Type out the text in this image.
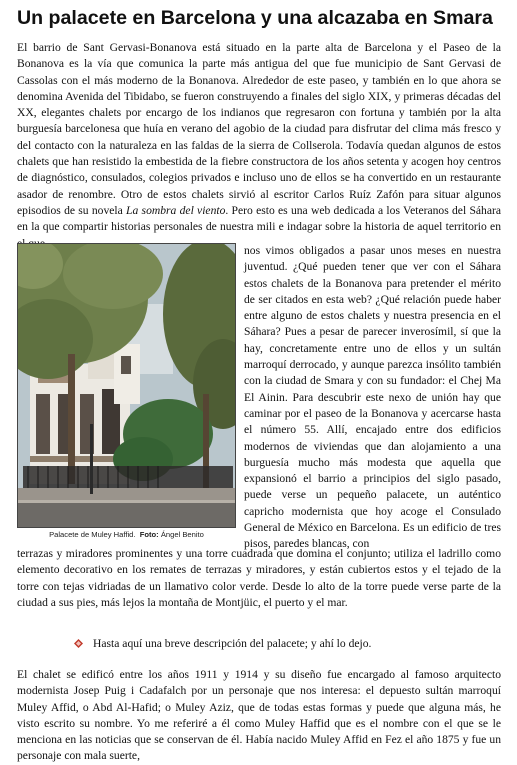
Un palacete en Barcelona y una alcazaba en Smara
El barrio de Sant Gervasi-Bonanova está situado en la parte alta de Barcelona y el Paseo de la Bonanova es la vía que comunica la parte más antigua del que fue municipio de Sant Gervasi de Cassolas con el más moderno de la Bonanova. Alrededor de este paseo, y también en lo que ahora se denomina Avenida del Tibidabo, se fueron construyendo a finales del siglo XIX, y primeras décadas del XX, elegantes chalets por encargo de los indianos que regresaron con fortuna y también por la alta burguesía barcelonesa que huía en verano del agobio de la ciudad para disfrutar del clima más fresco y del contacto con la naturaleza en las faldas de la sierra de Collserola. Todavía quedan algunos de estos chalets que han resistido la embestida de la fiebre constructora de los años setenta y acogen hoy centros de diagnóstico, consulados, colegios privados e incluso uno de ellos se ha convertido en un restaurante asador de renombre. Otro de estos chalets sirvió al escritor Carlos Ruíz Zafón para situar algunos episodios de su novela La sombra del viento. Pero esto es una web dedicada a los Veteranos del Sáhara en la que compartir historias personales de nuestra mili e indagar sobre la historia de aquel territorio en
Palacete de Muley Haffid. Foto: Ángel Benito
nos vimos obligados a pasar unos meses en nuestra juventud. ¿Qué pueden tener que ver con el Sáhara estos chalets de la Bonanova para pretender el mérito de ser citados en esta web? ¿Qué relación puede haber entre alguno de estos chalets y nuestra presencia en el Sáhara? Pues a pesar de parecer inverosímil, sí que la hay, concretamente entre uno de ellos y un sultán marroquí derrocado, y aunque parezca insólito también con la ciudad de Smara y con su fundador: el Chej Ma El Ainin. Para descubrir este nexo de unión hay que caminar por el paseo de la Bonanova y acercarse hasta el número 55. Allí, encajado entre dos edificios modernos de viviendas que dan alojamiento a una burguesía mucho más modesta que aquella que expansionó el barrio a principios del siglo pasado, puede verse un pequeño palacete, un auténtico capricho modernista que hoy acoge el Consulado General de México en Barcelona. Es un edificio de tres pisos, paredes blancas, con
terrazas y miradores prominentes y una torre cuadrada que domina el conjunto; utiliza el ladrillo como elemento decorativo en los remates de terrazas y miradores, y están cubiertos estos y el tejado de la torre con tejas vidriadas de un llamativo color verde. Desde lo alto de la torre puede verse parte de la ciudad a sus pies, más lejos la montaña de Montjüic, el puerto y el mar.
Hasta aquí una breve descripción del palacete; y ahí lo dejo.
El chalet se edificó entre los años 1911 y 1914 y su diseño fue encargado al famoso arquitecto modernista Josep Puig i Cadafalch por un personaje que nos interesa: el depuesto sultán marroquí Muley Affid, o Abd Al-Hafid; o Muley Aziz, que de todas estas formas y puede que alguna más, he visto escrito su nombre. Yo me referiré a él como Muley Haffid que es el nombre con el que se le menciona en las noticias que se conservan de él. Había nacido Muley Affid en Fez el año 1875 y fue un personaje con mala suerte,
